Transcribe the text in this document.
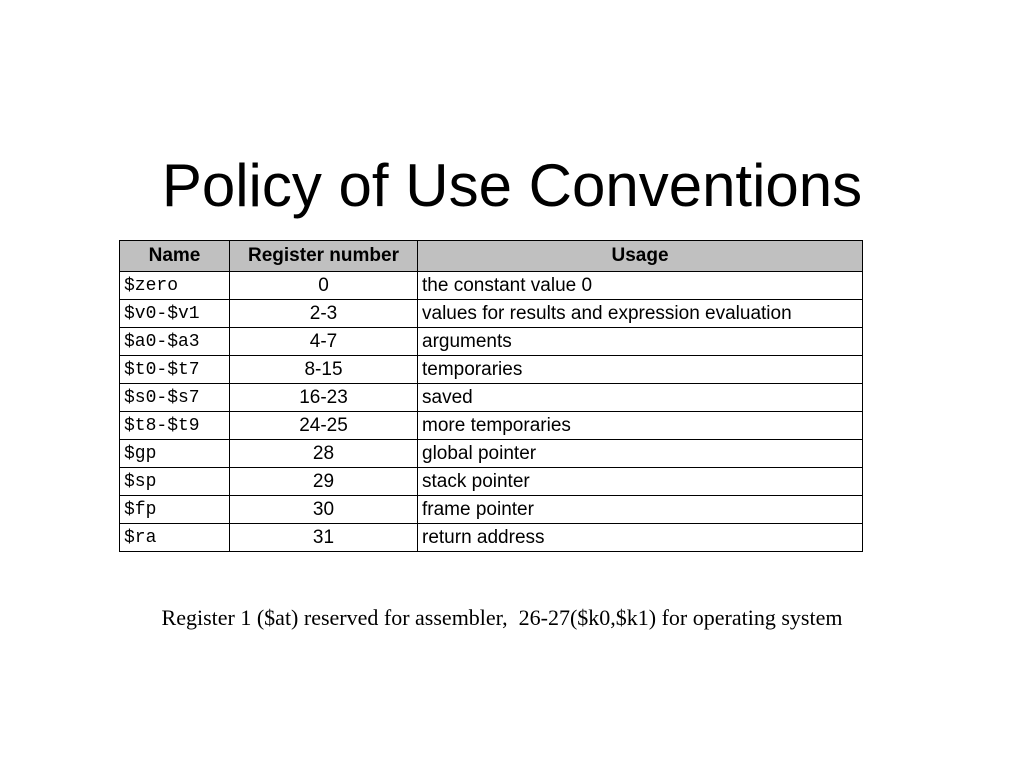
Policy of Use Conventions
Name	Register number	Usage
$zero	0	the constant value 0
$v0-$v1	2-3	values for results and expression evaluation
$a0-$a3	4-7	arguments
$t0-$t7	8-15	temporaries
$s0-$s7	16-23	saved
$t8-$t9	24-25	more temporaries
$gp	28	global pointer
$sp	29	stack pointer
$fp	30	frame pointer
$ra	31	return address

Register 1 ($at) reserved for assembler,  26-27($k0,$k1) for operating system
